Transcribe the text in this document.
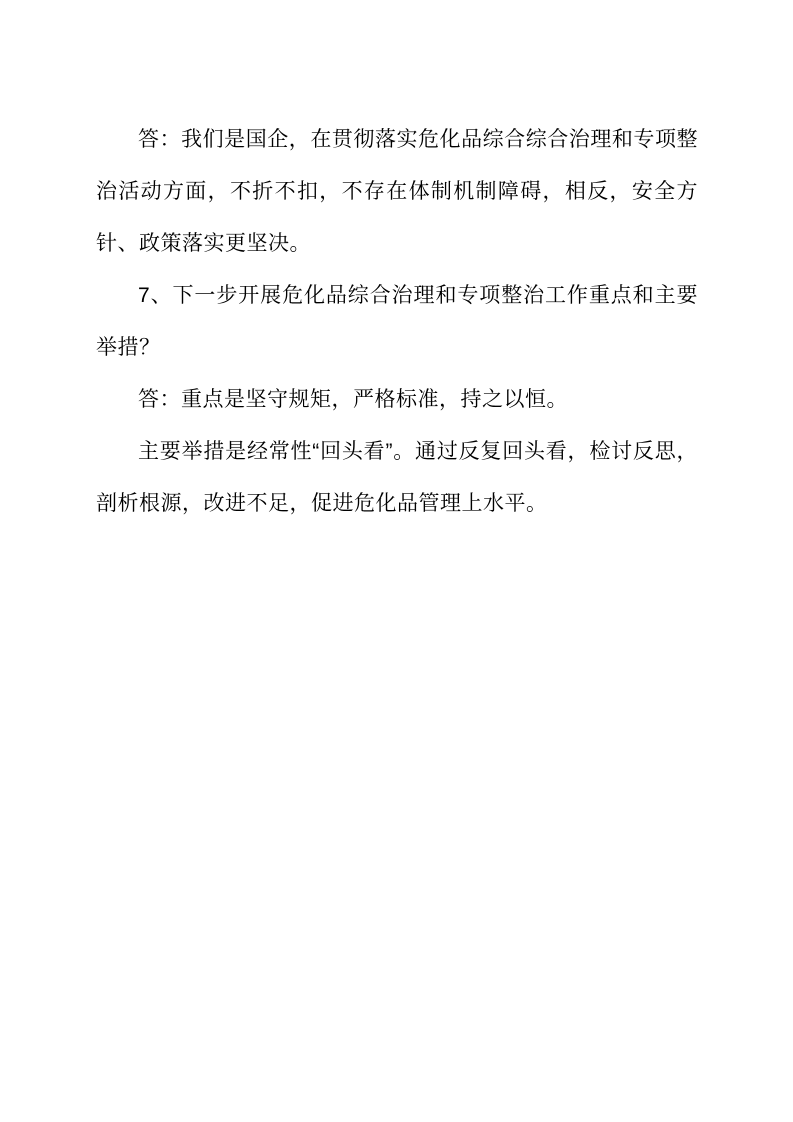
答：我们是国企，在贯彻落实危化品综合综合治理和专项整治活动方面，不折不扣，不存在体制机制障碍，相反，安全方针、政策落实更坚决。

7、下一步开展危化品综合治理和专项整治工作重点和主要举措？

答：重点是坚守规矩，严格标准，持之以恒。

主要举措是经常性“回头看”。通过反复回头看，检讨反思，剖析根源，改进不足，促进危化品管理上水平。
